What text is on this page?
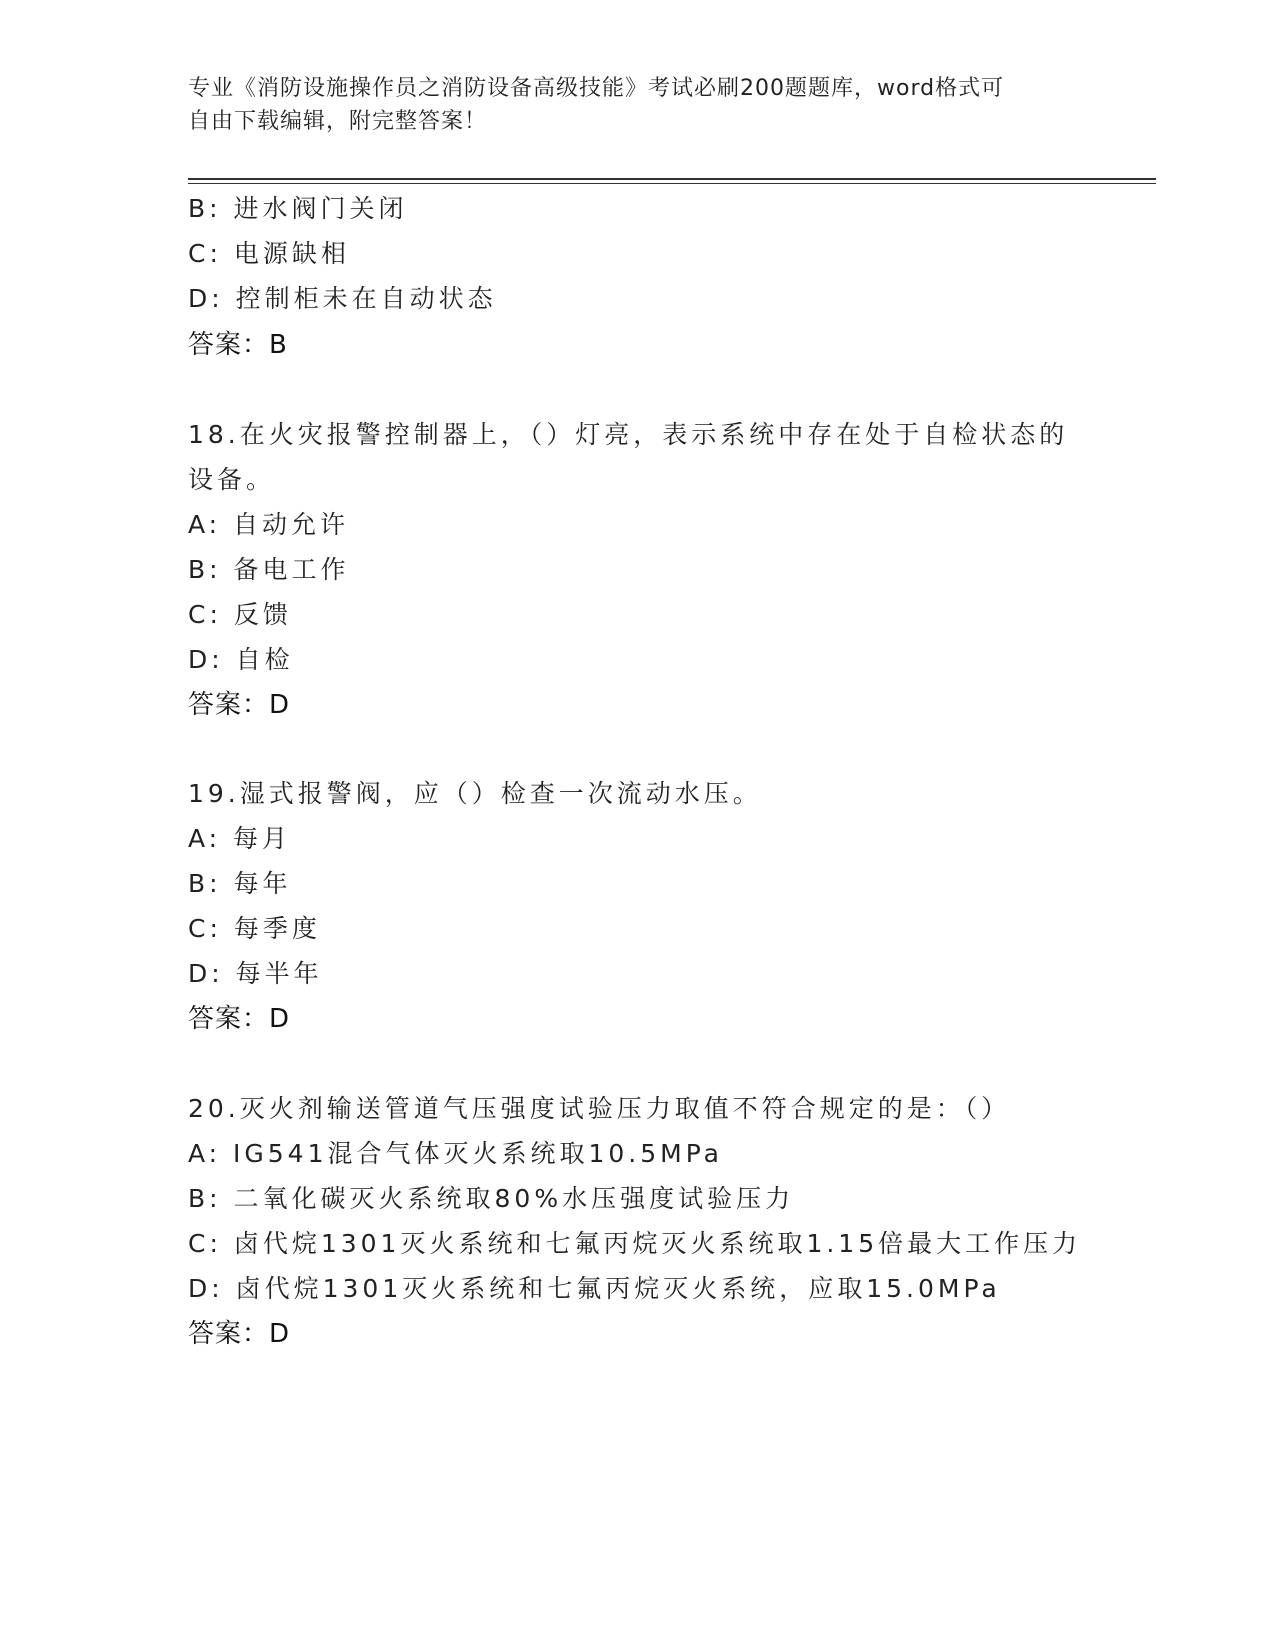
专业《消防设施操作员之消防设备高级技能》考试必刷200题题库，word格式可
自由下载编辑，附完整答案！
B: 进水阀门关闭
C: 电源缺相
D: 控制柜未在自动状态
答案：B
18.在火灾报警控制器上，（）灯亮，表示系统中存在处于自检状态的
设备。
A: 自动允许
B: 备电工作
C: 反馈
D: 自检
答案：D
19.湿式报警阀，应（）检查一次流动水压。
A: 每月
B: 每年
C: 每季度
D: 每半年
答案：D
20.灭火剂输送管道气压强度试验压力取值不符合规定的是：（）
A: IG541混合气体灭火系统取10.5MPa
B: 二氧化碳灭火系统取80%水压强度试验压力
C: 卤代烷1301灭火系统和七氟丙烷灭火系统取1.15倍最大工作压力
D: 卤代烷1301灭火系统和七氟丙烷灭火系统，应取15.0MPa
答案：D
